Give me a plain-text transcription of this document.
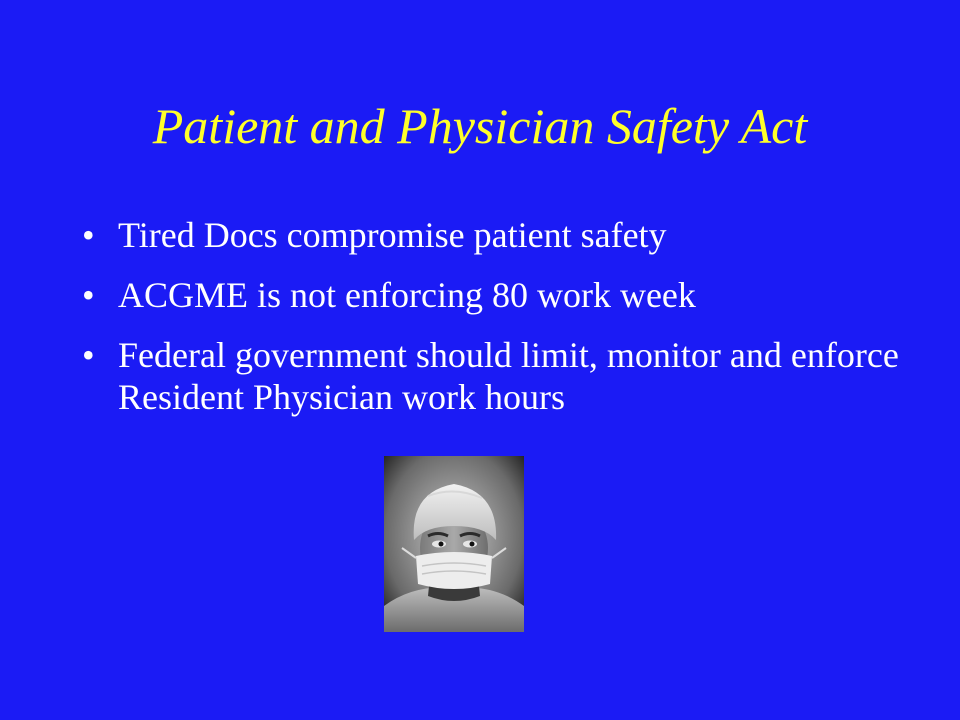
Patient and Physician Safety Act
• Tired Docs compromise patient safety
• ACGME is not enforcing 80 work week
• Federal government should limit, monitor and enforce Resident Physician work hours
